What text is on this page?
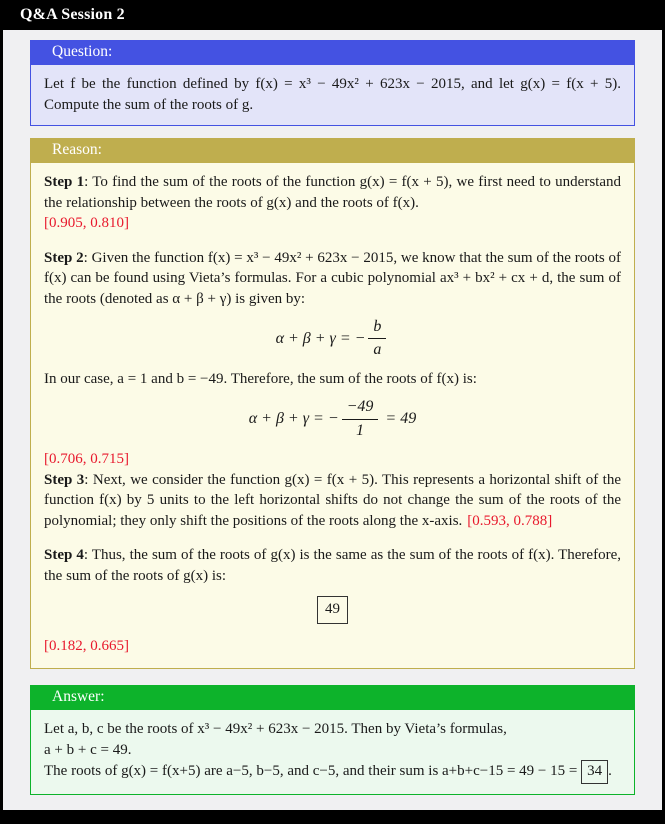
Q&A Session 2
Question:

Let f be the function defined by f(x) = x³ − 49x² + 623x − 2015, and let g(x) = f(x + 5). Compute the sum of the roots of g.

Reason:

Step 1: To find the sum of the roots of the function g(x) = f(x + 5), we first need to understand the relationship between the roots of g(x) and the roots of f(x).

[0.905, 0.810]

Step 2: Given the function f(x) = x³ − 49x² + 623x − 2015, we know that the sum of the roots of f(x) can be found using Vieta’s formulas. For a cubic polynomial ax³ + bx² + cx + d, the sum of the roots (denoted as α + β + γ) is given by:

α + β + γ = − $\frac{b}{a}$

In our case, a = 1 and b = −49. Therefore, the sum of the roots of f(x) is:

α + β + γ = − $\frac{-49}{1} = 49$
[0.706, 0.715]

Step 3: Next, we consider the function g(x) = f(x + 5). This represents a horizontal shift of the function f(x) by 5 units to the left horizontal shifts do not change the sum of the roots of the polynomial; they only shift the positions of the roots along the x-axis. [0.593, 0.788]

Step 4: Thus, the sum of the roots of g(x) is the same as the sum of the roots of f(x). Therefore, the sum of the roots of g(x) is:

49
[0.182, 0.665]
Answer:

Let a, b, c be the roots of x³ − 49x² + 623x − 2015. Then by Vieta’s formulas,
a + b + c = 49.

The roots of g(x) = f(x+5) are a−5, b−5, and c−5, and their sum is a+b+c−15 = 49 − 15 = 34 .
